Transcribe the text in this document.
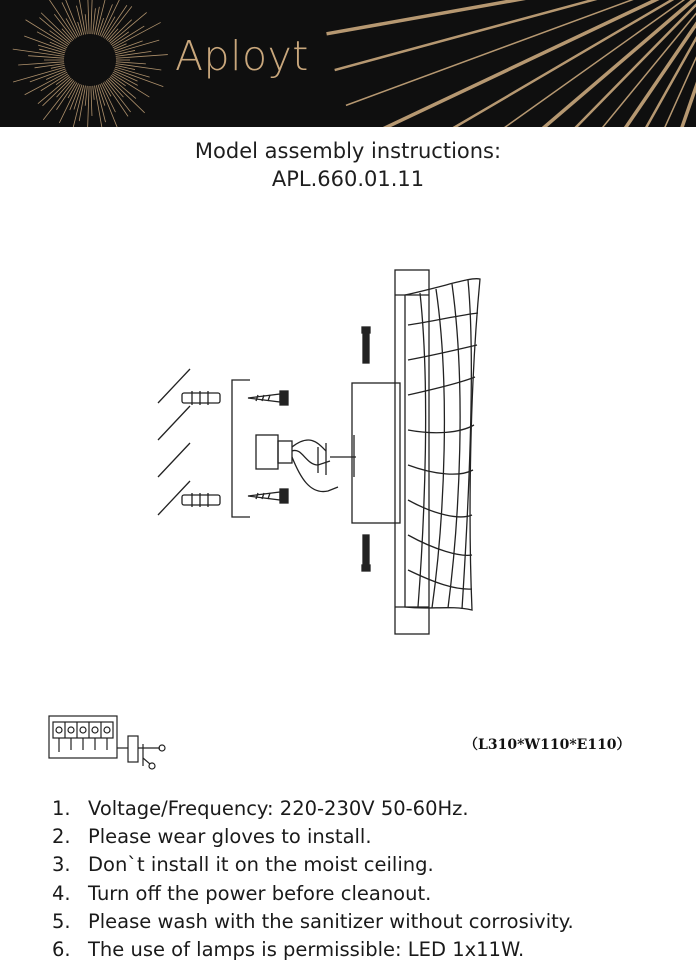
Aployt
Model assembly instructions:
APL.660.01.11
（L310*W110*E110）
1. Voltage/Frequency: 220-230V 50-60Hz.
2. Please wear gloves to install.
3. Don`t install it on the moist ceiling.
4. Turn off the power before cleanout.
5. Please wash with the sanitizer without corrosivity.
6. The use of lamps is permissible: LED 1x11W.
